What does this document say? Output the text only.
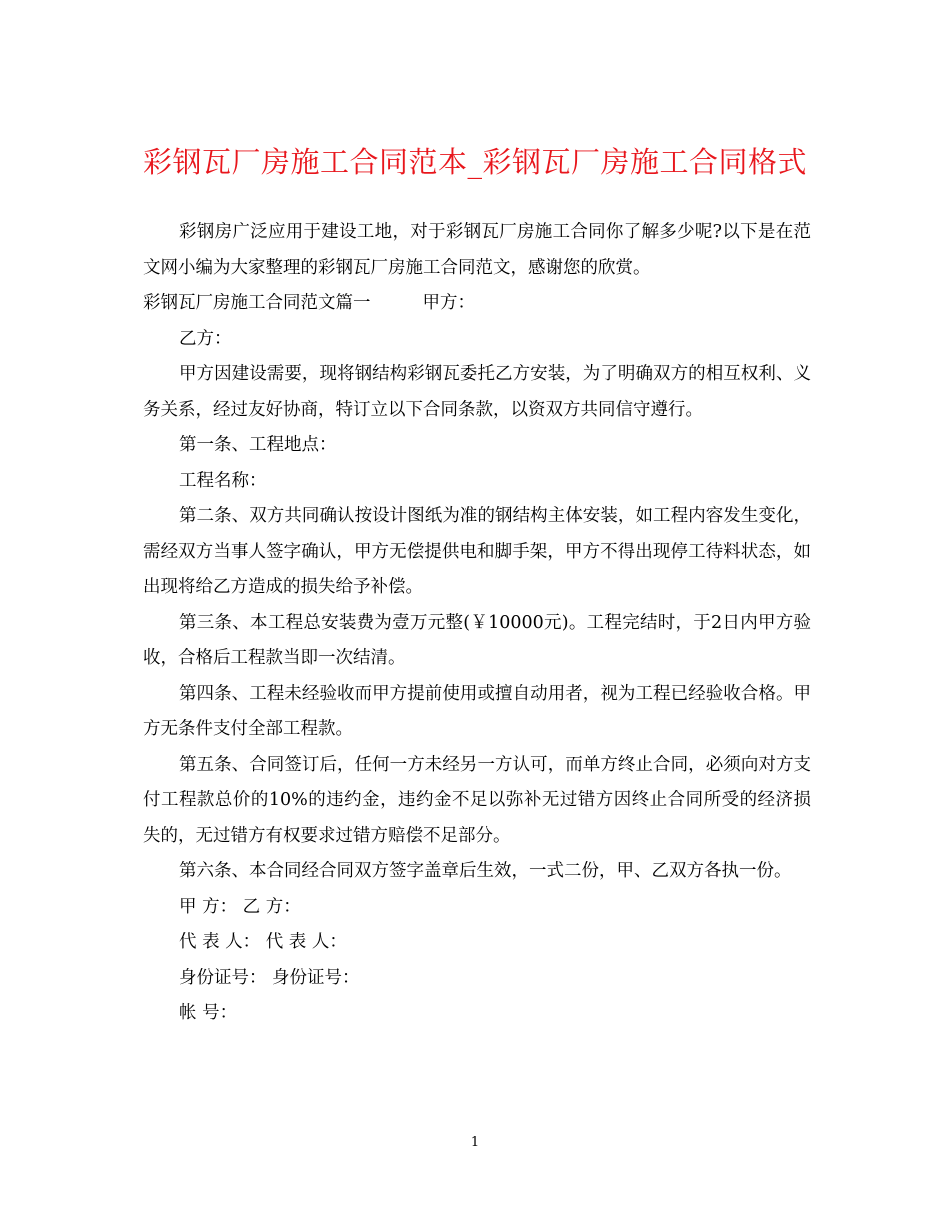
彩钢瓦厂房施工合同范本_彩钢瓦厂房施工合同格式

彩钢房广泛应用于建设工地，对于彩钢瓦厂房施工合同你了解多少呢?以下是在范文网小编为大家整理的彩钢瓦厂房施工合同范文，感谢您的欣赏。

彩钢瓦厂房施工合同范文篇一	甲方：

乙方：

甲方因建设需要，现将钢结构彩钢瓦委托乙方安装，为了明确双方的相互权利、义务关系，经过友好协商，特订立以下合同条款，以资双方共同信守遵行。

第一条、工程地点：

工程名称：

第二条、双方共同确认按设计图纸为准的钢结构主体安装，如工程内容发生变化，需经双方当事人签字确认，甲方无偿提供电和脚手架，甲方不得出现停工待料状态，如出现将给乙方造成的损失给予补偿。

第三条、本工程总安装费为壹万元整(￥10000元)。工程完结时，于2日内甲方验收，合格后工程款当即一次结清。

第四条、工程未经验收而甲方提前使用或擅自动用者，视为工程已经验收合格。甲方无条件支付全部工程款。

第五条、合同签订后，任何一方未经另一方认可，而单方终止合同，必须向对方支付工程款总价的10%的违约金，违约金不足以弥补无过错方因终止合同所受的经济损失的，无过错方有权要求过错方赔偿不足部分。

第六条、本合同经合同双方签字盖章后生效，一式二份，甲、乙双方各执一份。

甲 方： 乙 方：

代 表 人： 代 表 人：

身份证号： 身份证号：

帐 号：

1
